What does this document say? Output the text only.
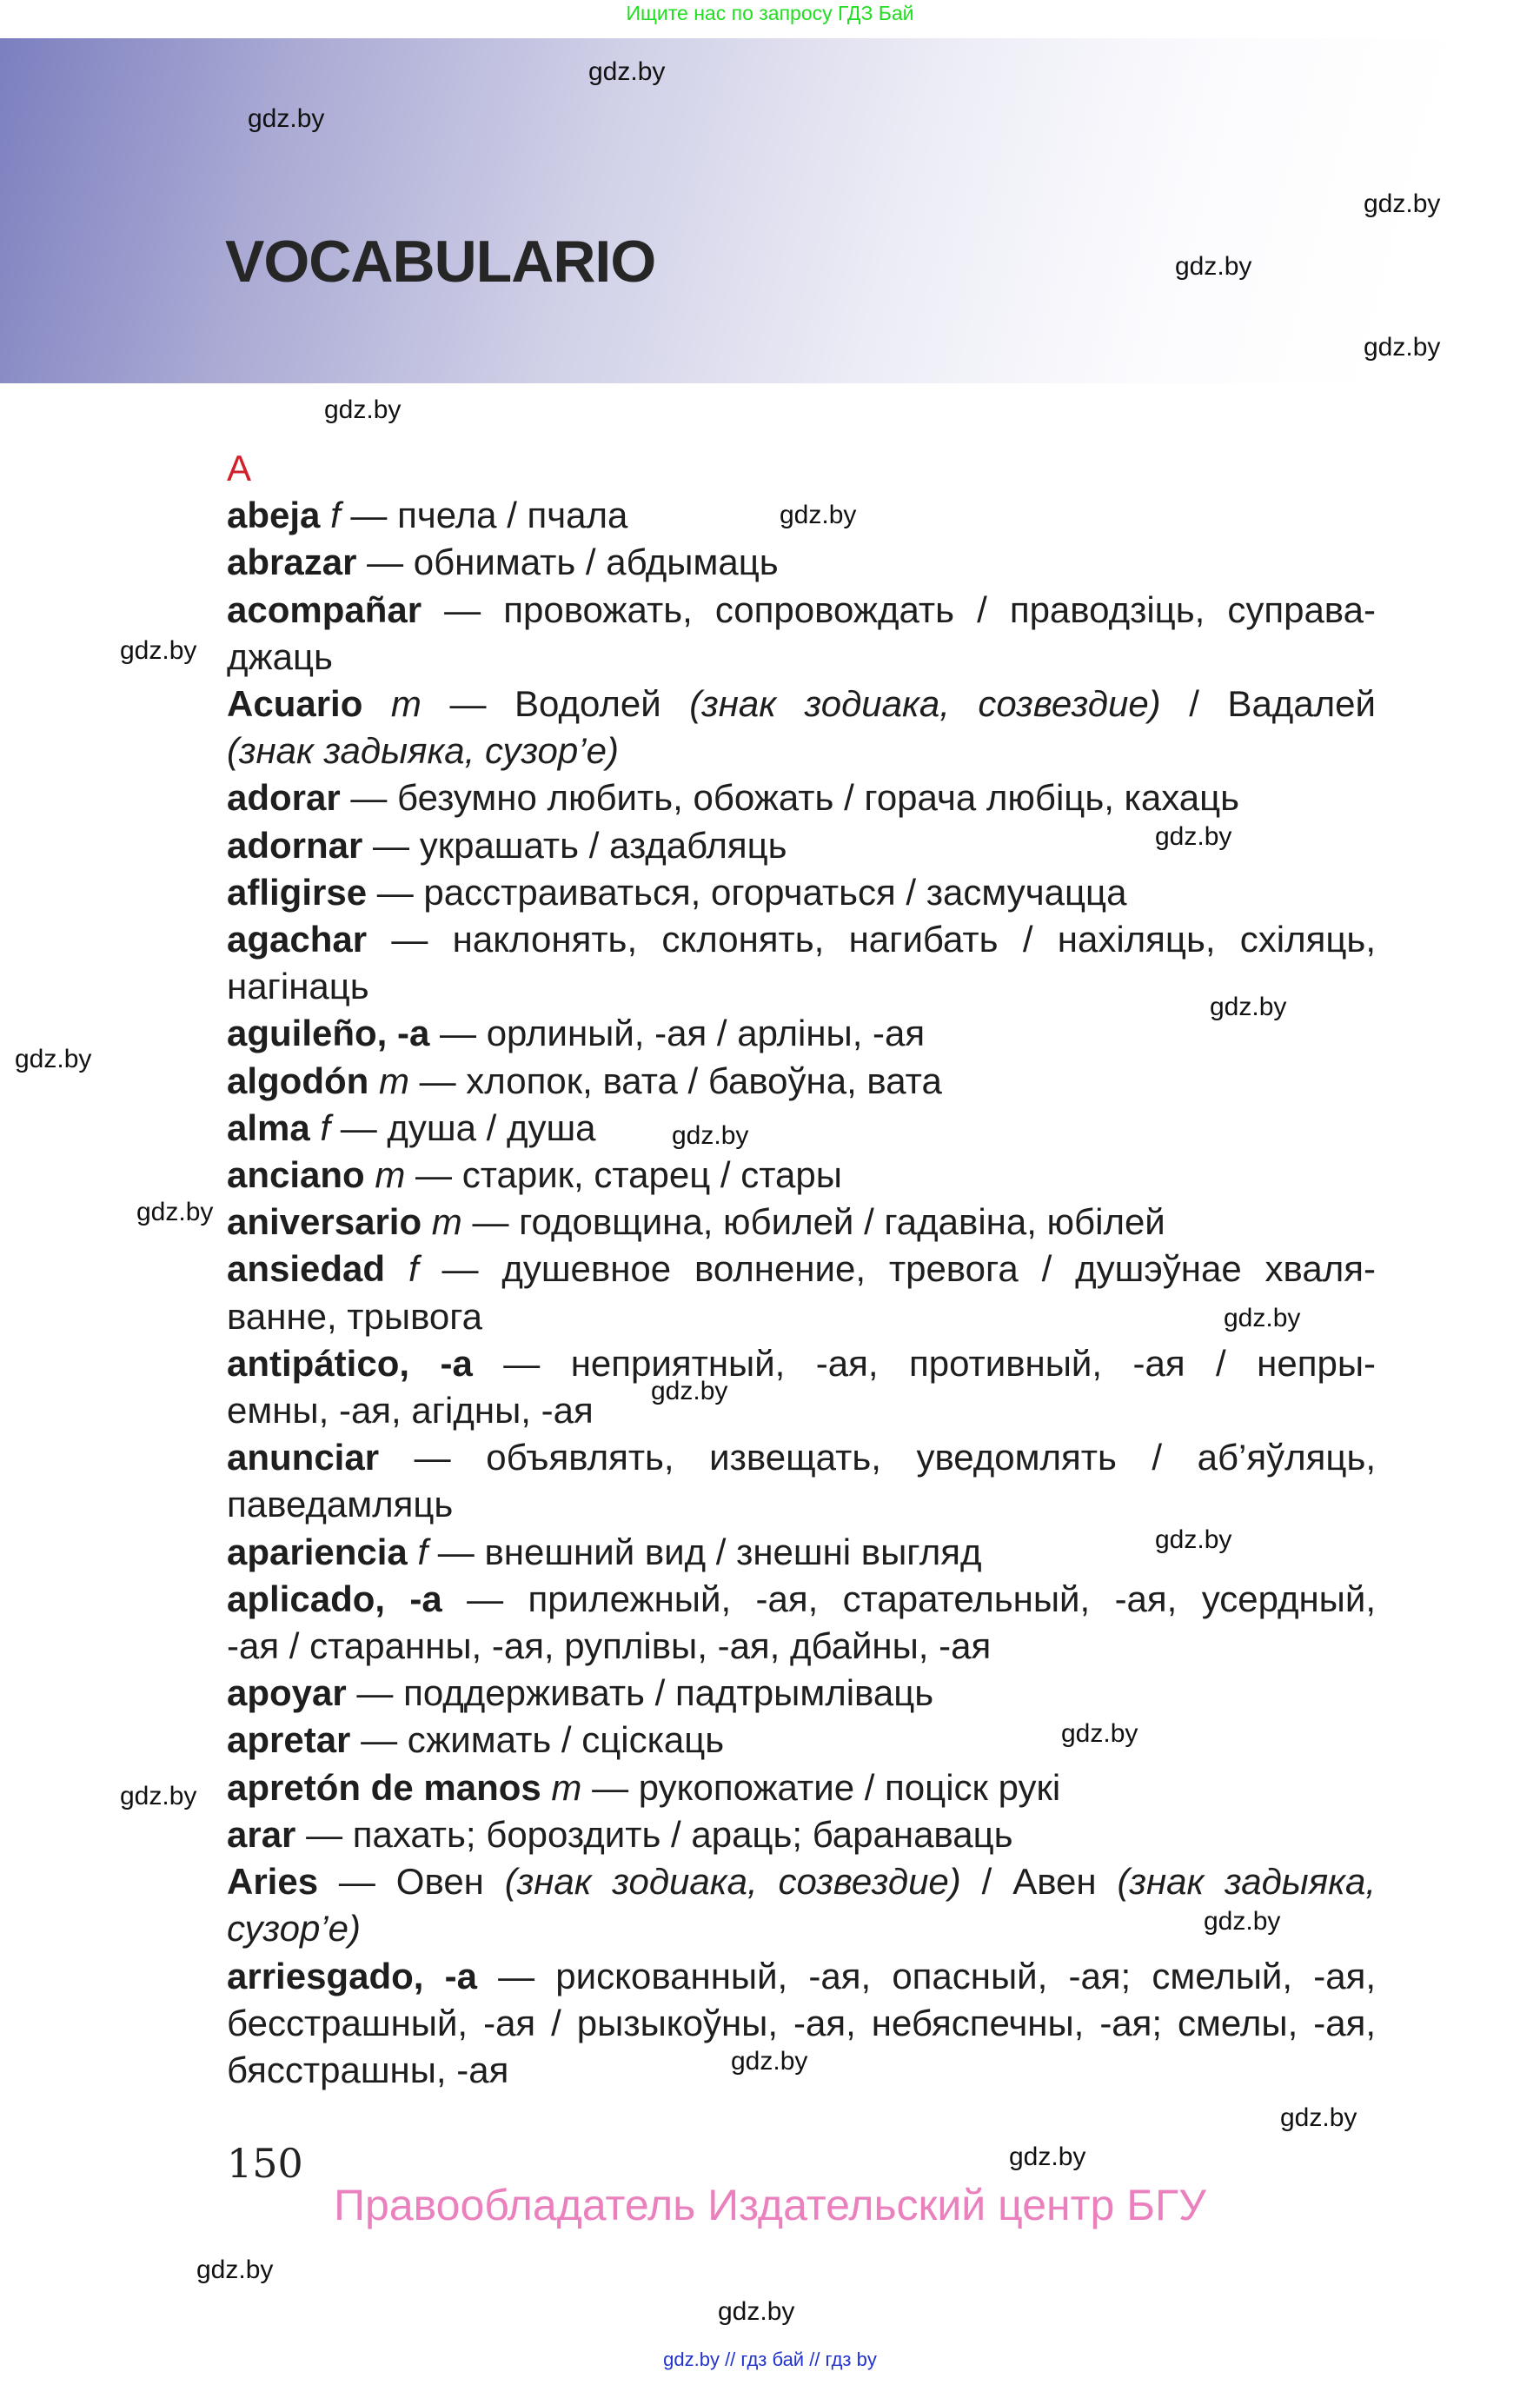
Ищите нас по запросу ГДЗ Бай
VOCABULARIO
A
abeja f — пчела / пчала
abrazar — обнимать / абдымаць
acompañar — провожать, сопровождать / праводзіць, суправа-
джаць
Acuario m — Водолей (знак зодиака, созвездие) / Вадалей
(знак задыяка, сузор’е)
adorar — безумно любить, обожать / горача любіць, кахаць
adornar — украшать / аздабляць
afligirse — расстраиваться, огорчаться / засмучацца
agachar — наклонять, склонять, нагибать / нахіляць, схіляць,
нагінаць
aguileño, -a — орлиный, -ая / арліны, -ая
algodón m — хлопок, вата / бавоўна, вата
alma f — душа / душа
anciano m — старик, старец / стары
aniversario m — годовщина, юбилей / гадавіна, юбілей
ansiedad f — душевное волнение, тревога / душэўнае хваля-
ванне, трывога
antipático, -a — неприятный, -ая, противный, -ая / непры-
емны, -ая, агідны, -ая
anunciar — объявлять, извещать, уведомлять / аб’яўляць,
паведамляць
apariencia f — внешний вид / знешні выгляд
aplicado, -a — прилежный, -ая, старательный, -ая, усердный,
-ая / стаpанны, -ая, руплівы, -ая, дбайны, -ая
apoyar — поддерживать / падтрымліваць
apretar — сжимать / сціскаць
apretón de manos m — рукопожатие / поціск рукі
arar — пахать; бороздить / араць; баранаваць
Aries — Овен (знак зодиака, созвездие) / Авен (знак задыяка,
сузор’е)
arriesgado, -a — рискованный, -ая, опасный, -ая; смелый, -ая,
бесстрашный, -ая / рызыкоўны, -ая, небяспечны, -ая; смелы, -ая,
бясстрашны, -ая
gdz.by
gdz.by
gdz.by
gdz.by
gdz.by
gdz.by
gdz.by
gdz.by
gdz.by
gdz.by
gdz.by
gdz.by
gdz.by
gdz.by
gdz.by
gdz.by
gdz.by
gdz.by
gdz.by
gdz.by
gdz.by
gdz.by
gdz.by
gdz.by
150
Правообладатель Издательский центр БГУ
gdz.by // гдз бай // гдз by
